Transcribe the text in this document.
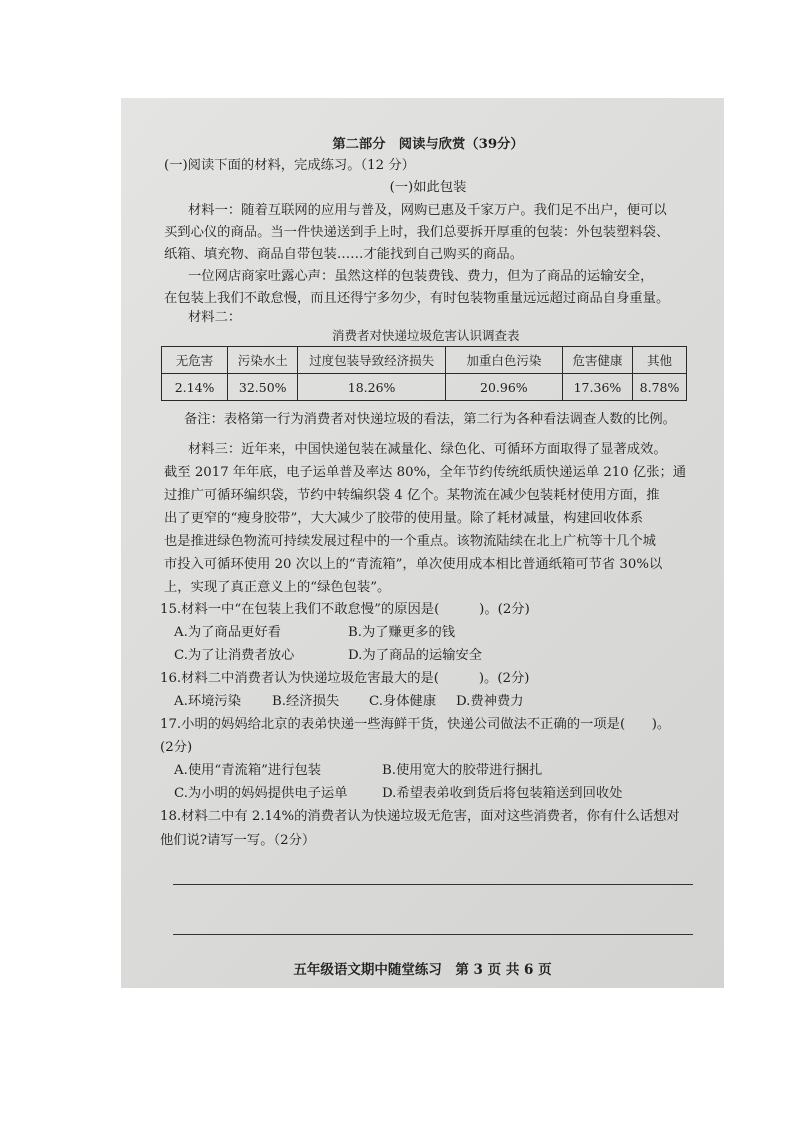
第二部分　阅读与欣赏（39分）
(一)阅读下面的材料，完成练习。（12 分）
(一)如此包装
材料一：随着互联网的应用与普及，网购已惠及千家万户。我们足不出户，便可以
买到心仪的商品。当一件快递送到手上时，我们总要拆开厚重的包装：外包装塑料袋、
纸箱、填充物、商品自带包装……才能找到自己购买的商品。
一位网店商家吐露心声：虽然这样的包装费钱、费力，但为了商品的运输安全，
在包装上我们不敢怠慢，而且还得宁多勿少，有时包装物重量远远超过商品自身重量。
材料二：
消费者对快递垃圾危害认识调查表
无危害	污染水土	过度包装导致经济损失	加重白色污染	危害健康	其他
2.14%	32.50%	18.26%	20.96%	17.36%	8.78%
备注：表格第一行为消费者对快递垃圾的看法，第二行为各种看法调查人数的比例。
材料三：近年来，中国快递包装在减量化、绿色化、可循环方面取得了显著成效。
截至 2017 年年底，电子运单普及率达 80%，全年节约传统纸质快递运单 210 亿张；通
过推广可循环编织袋，节约中转编织袋 4 亿个。某物流在减少包装耗材使用方面，推
出了更窄的“瘦身胶带”，大大减少了胶带的使用量。除了耗材减量，构建回收体系
也是推进绿色物流可持续发展过程中的一个重点。该物流陆续在北上广杭等十几个城
市投入可循环使用 20 次以上的“青流箱”，单次使用成本相比普通纸箱可节省 30%以
上，实现了真正意义上的“绿色包装”。
15.材料一中“在包装上我们不敢怠慢”的原因是(　　　)。(2分)
A.为了商品更好看	B.为了赚更多的钱
C.为了让消费者放心	D.为了商品的运输安全
16.材料二中消费者认为快递垃圾危害最大的是(　　　)。(2分)
A.环境污染 B.经济损失 C.身体健康 D.费神费力
17.小明的妈妈给北京的表弟快递一些海鲜干货，快递公司做法不正确的一项是(　　)。
(2分)
A.使用“青流箱”进行包装	B.使用宽大的胶带进行捆扎
C.为小明的妈妈提供电子运单	D.希望表弟收到货后将包装箱送到回收处
18.材料二中有 2.14%的消费者认为快递垃圾无危害，面对这些消费者，你有什么话想对
他们说?请写一写。（2分）
五年级语文期中随堂练习　第 3 页 共 6 页
